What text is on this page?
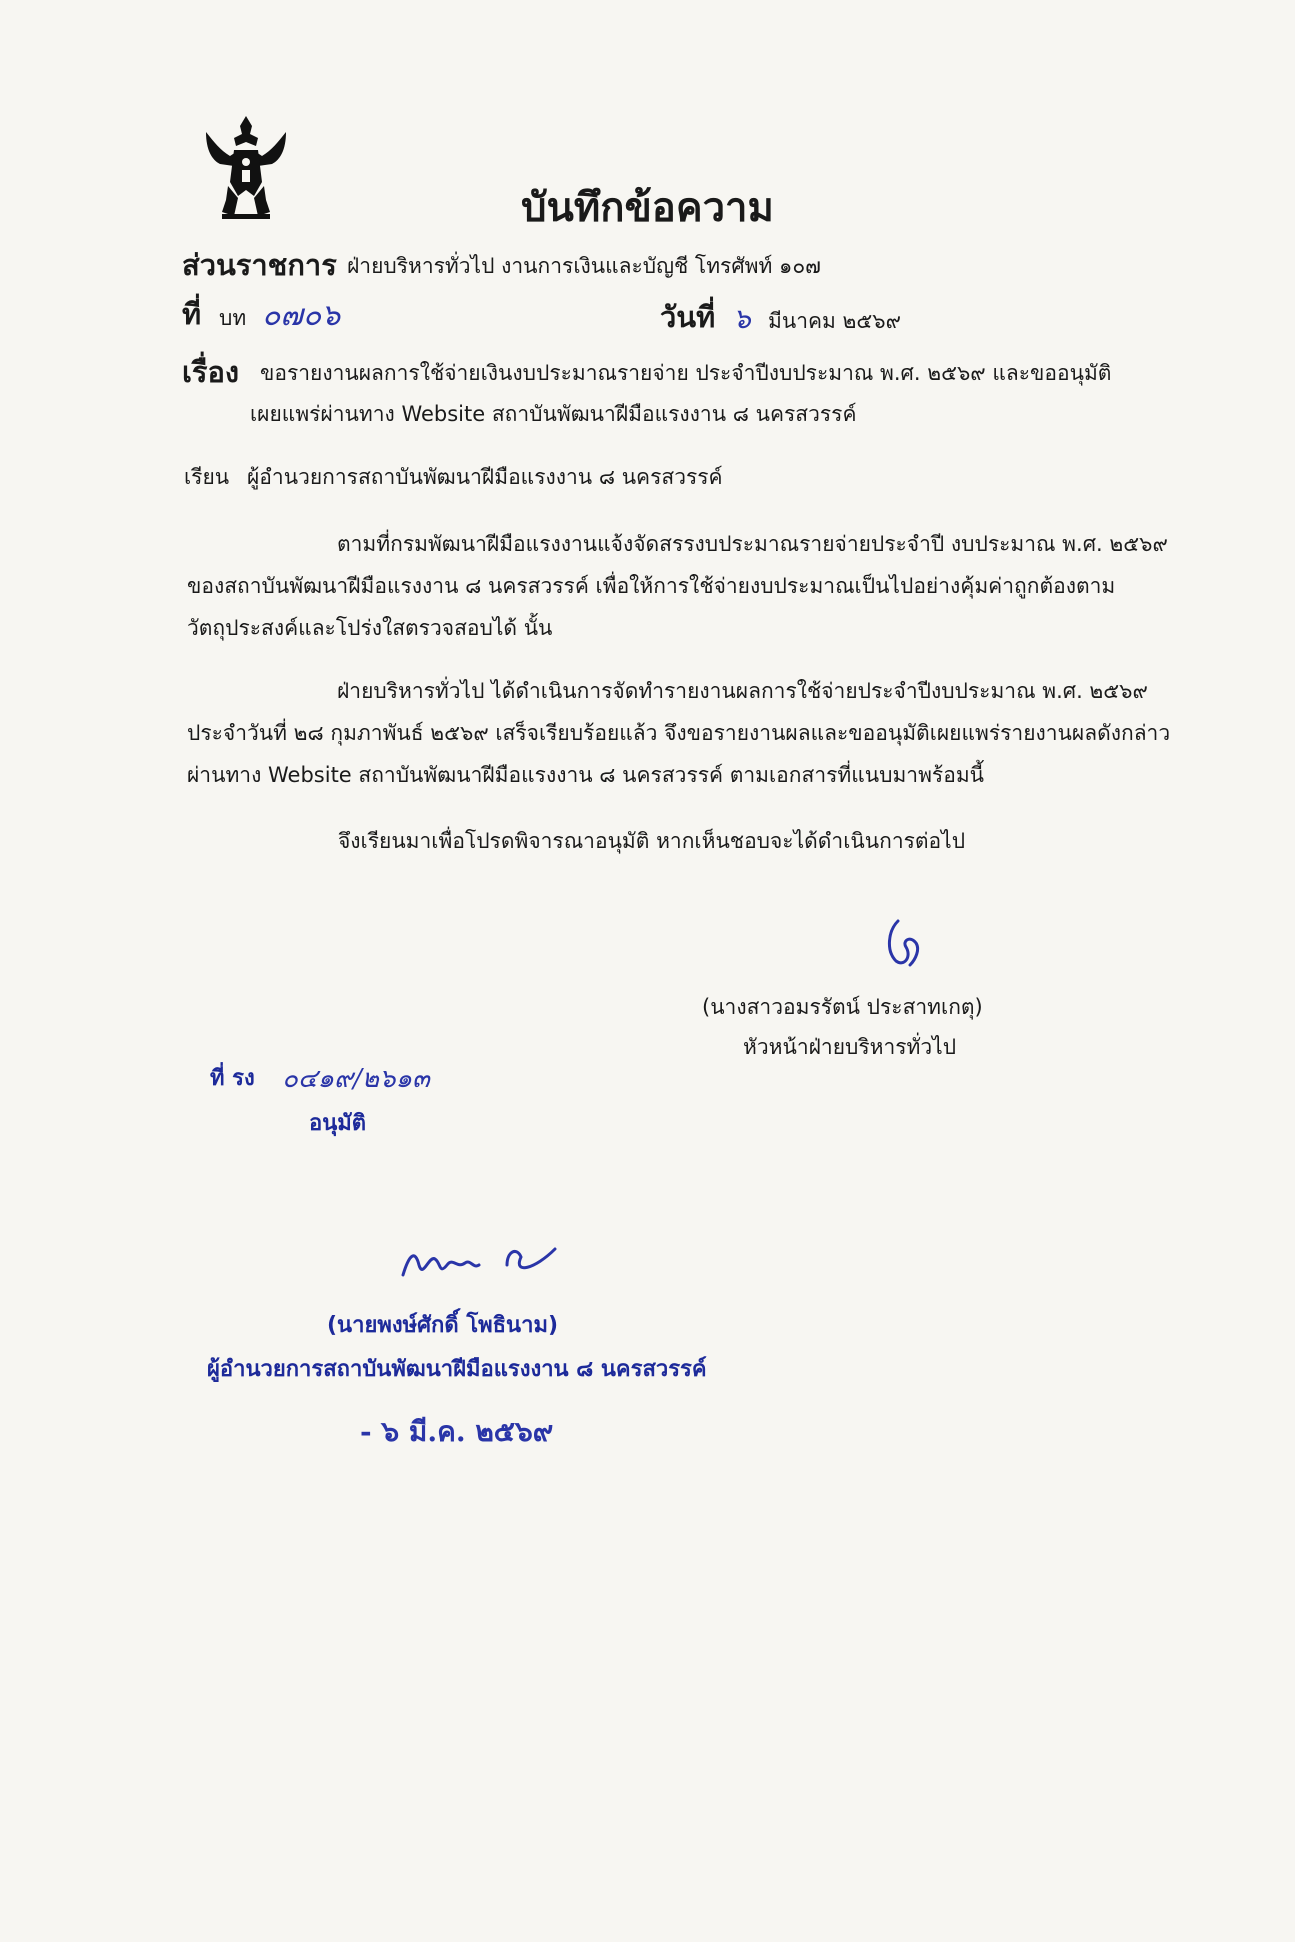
บันทึกข้อความ
ส่วนราชการ ฝ่ายบริหารทั่วไป งานการเงินและบัญชี โทรศัพท์ ๑๐๗
ที่ บท ๐๗๐๖	วันที่ ๖ มีนาคม ๒๕๖๙
เรื่อง ขอรายงานผลการใช้จ่ายเงินงบประมาณรายจ่าย ประจำปีงบประมาณ พ.ศ. ๒๕๖๙ และขออนุมัติ
เผยแพร่ผ่านทาง Website สถาบันพัฒนาฝีมือแรงงาน ๘ นครสวรรค์
เรียน ผู้อำนวยการสถาบันพัฒนาฝีมือแรงงาน ๘ นครสวรรค์
ตามที่กรมพัฒนาฝีมือแรงงานแจ้งจัดสรรงบประมาณรายจ่ายประจำปี งบประมาณ พ.ศ. ๒๕๖๙ ของสถาบันพัฒนาฝีมือแรงงาน ๘ นครสวรรค์ เพื่อให้การใช้จ่ายงบประมาณเป็นไปอย่างคุ้มค่าถูกต้องตามวัตถุประสงค์และโปร่งใสตรวจสอบได้ นั้น
ฝ่ายบริหารทั่วไป ได้ดำเนินการจัดทำรายงานผลการใช้จ่ายประจำปีงบประมาณ พ.ศ. ๒๕๖๙ ประจำวันที่ ๒๘ กุมภาพันธ์ ๒๕๖๙ เสร็จเรียบร้อยแล้ว จึงขอรายงานผลและขออนุมัติเผยแพร่รายงานผลดังกล่าว ผ่านทาง Website สถาบันพัฒนาฝีมือแรงงาน ๘ นครสวรรค์ ตามเอกสารที่แนบมาพร้อมนี้
จึงเรียนมาเพื่อโปรดพิจารณาอนุมัติ หากเห็นชอบจะได้ดำเนินการต่อไป
(นางสาวอมรรัตน์ ประสาทเกตุ)
หัวหน้าฝ่ายบริหารทั่วไป
ที่ รง ๐๔๑๙/๒๖๑๓
อนุมัติ
(นายพงษ์ศักดิ์ โพธินาม)
ผู้อำนวยการสถาบันพัฒนาฝีมือแรงงาน ๘ นครสวรรค์
- ๖ มี.ค. ๒๕๖๙
